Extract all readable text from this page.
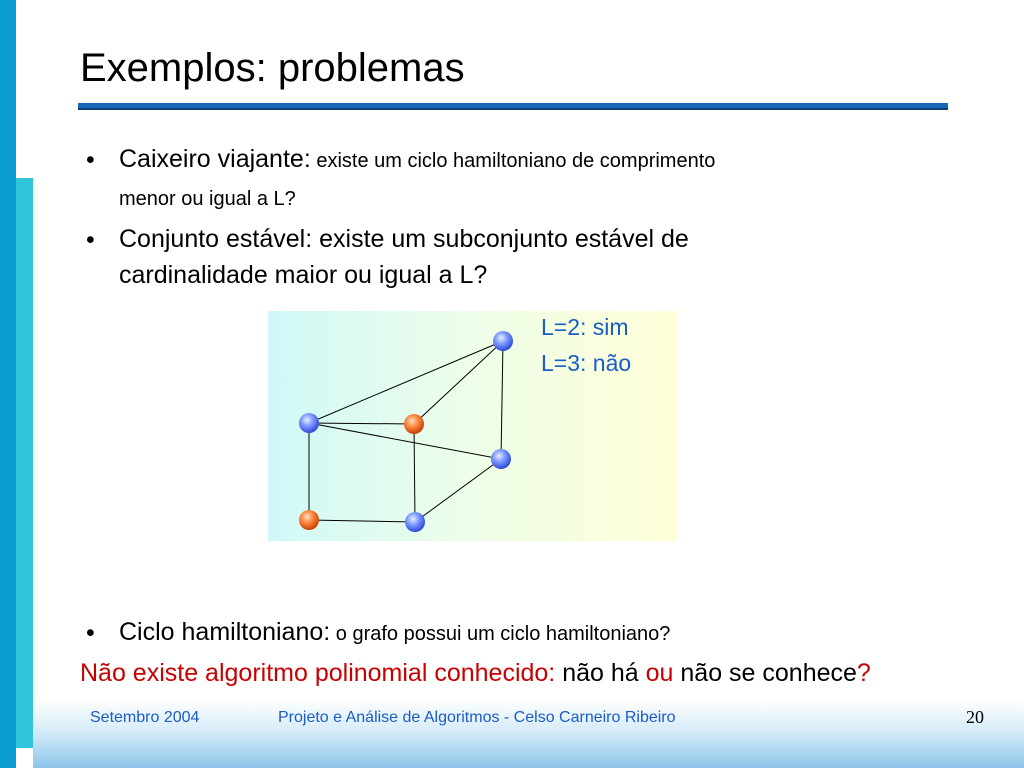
Exemplos: problemas
• Caixeiro viajante: existe um ciclo hamiltoniano de comprimento
menor ou igual a L?
• Conjunto estável: existe um subconjunto estável de
cardinalidade maior ou igual a L?
L=2: sim
L=3: não
• Ciclo hamiltoniano: o grafo possui um ciclo hamiltoniano?
Não existe algoritmo polinomial conhecido: não há ou não se conhece?
Setembro 2004	Projeto e Análise de Algoritmos - Celso Carneiro Ribeiro	20
